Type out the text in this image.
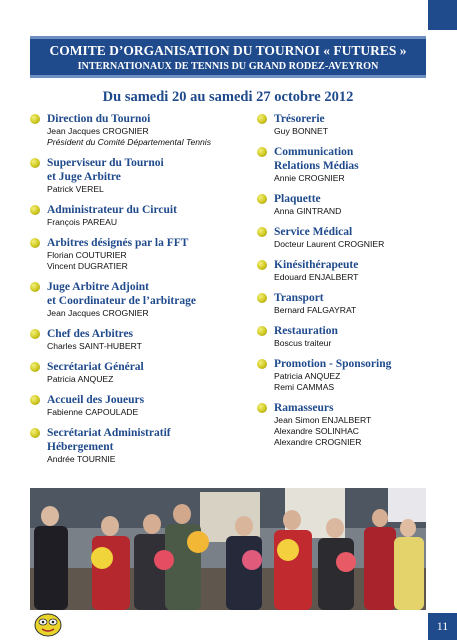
COMITE D’ORGANISATION DU TOURNOI « FUTURES »
INTERNATIONAUX DE TENNIS DU GRAND RODEZ-AVEYRON
Du samedi 20 au samedi 27 octobre 2012
Direction du Tournoi
Jean Jacques CROGNIER
Président du Comité Départemental Tennis
Superviseur du Tournoi
et Juge Arbitre
Patrick VEREL
Administrateur du Circuit
François PAREAU
Arbitres désignés par la FFT
Florian COUTURIER
Vincent DUGRATIER
Juge Arbitre Adjoint
et Coordinateur de l’arbitrage
Jean Jacques CROGNIER
Chef des Arbitres
Charles SAINT-HUBERT
Secrétariat Général
Patricia ANQUEZ
Accueil des Joueurs
Fabienne CAPOULADE
Secrétariat Administratif
Hébergement
Andrée TOURNIE
Trésorerie
Guy BONNET
Communication
Relations Médias
Annie CROGNIER
Plaquette
Anna GINTRAND
Service Médical
Docteur Laurent CROGNIER
Kinésithérapeute
Edouard ENJALBERT
Transport
Bernard FALGAYRAT
Restauration
Boscus traiteur
Promotion - Sponsoring
Patricia ANQUEZ
Remi CAMMAS
Ramasseurs
Jean Simon ENJALBERT
Alexandre SOLINHAC
Alexandre CROGNIER
11
